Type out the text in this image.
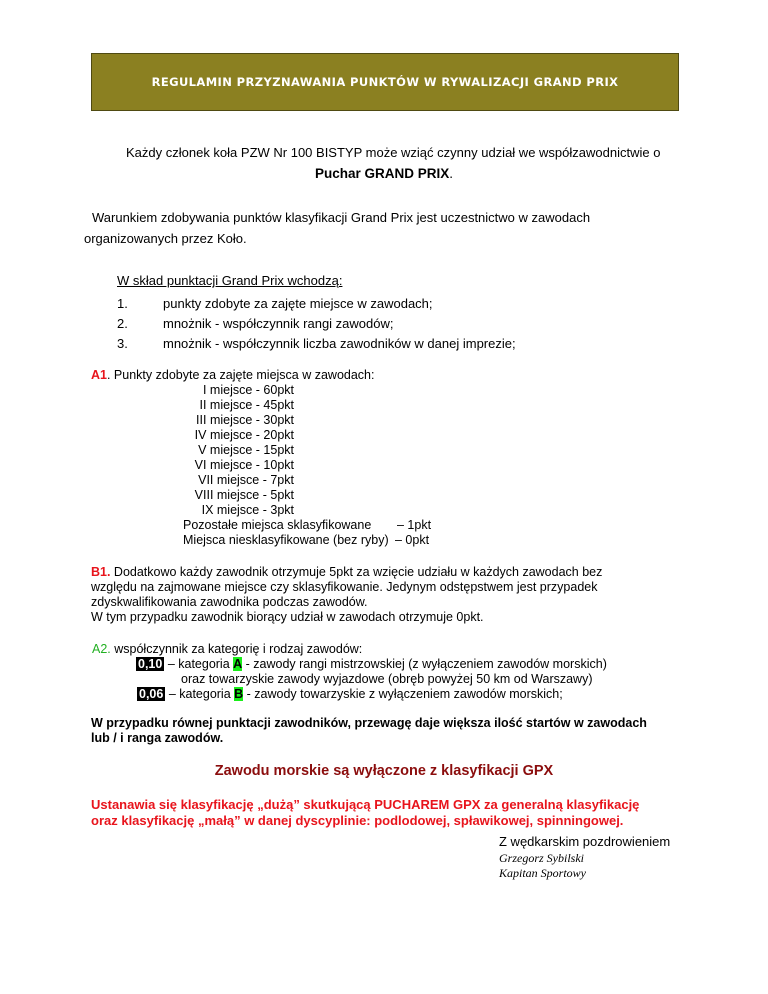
REGULAMIN PRZYZNAWANIA PUNKTÓW W RYWALIZACJI GRAND PRIX
Każdy członek koła PZW Nr 100 BISTYP może wziąć czynny udział we współzawodnictwie o
Puchar GRAND PRIX.
Warunkiem zdobywania punktów klasyfikacji Grand Prix jest uczestnictwo w zawodach
organizowanych przez Koło.
W skład punktacji Grand Prix wchodzą:
1.	punkty zdobyte za zajęte miejsce w zawodach;
2.	mnożnik - współczynnik rangi zawodów;
3.	mnożnik - współczynnik liczba zawodników w danej imprezie;
A1. Punkty zdobyte za zajęte miejsca w zawodach:
I miejsce - 60pkt
II miejsce - 45pkt
III miejsce - 30pkt
IV miejsce - 20pkt
V miejsce - 15pkt
VI miejsce - 10pkt
VII miejsce - 7pkt
VIII miejsce - 5pkt
IX miejsce - 3pkt
Pozostałe miejsca sklasyfikowane – 1pkt
Miejsca niesklasyfikowane (bez ryby) – 0pkt
B1. Dodatkowo każdy zawodnik otrzymuje 5pkt za wzięcie udziału w każdych zawodach bez
względu na zajmowane miejsce czy sklasyfikowanie. Jedynym odstępstwem jest przypadek
zdyskwalifikowania zawodnika podczas zawodów.
W tym przypadku zawodnik biorący udział w zawodach otrzymuje 0pkt.
A2. współczynnik za kategorię i rodzaj zawodów:
0,10 – kategoria A - zawody rangi mistrzowskiej (z wyłączeniem zawodów morskich)
oraz towarzyskie zawody wyjazdowe (obręb powyżej 50 km od Warszawy)
0,06 – kategoria B - zawody towarzyskie z wyłączeniem zawodów morskich;
W przypadku równej punktacji zawodników, przewagę daje większa ilość startów w zawodach
lub / i ranga zawodów.
Zawodu morskie są wyłączone z klasyfikacji GPX
Ustanawia się klasyfikację „dużą” skutkującą PUCHAREM GPX za generalną klasyfikację
oraz klasyfikację „małą” w danej dyscyplinie: podlodowej, spławikowej, spinningowej.
Z wędkarskim pozdrowieniem
Grzegorz Sybilski
Kapitan Sportowy
